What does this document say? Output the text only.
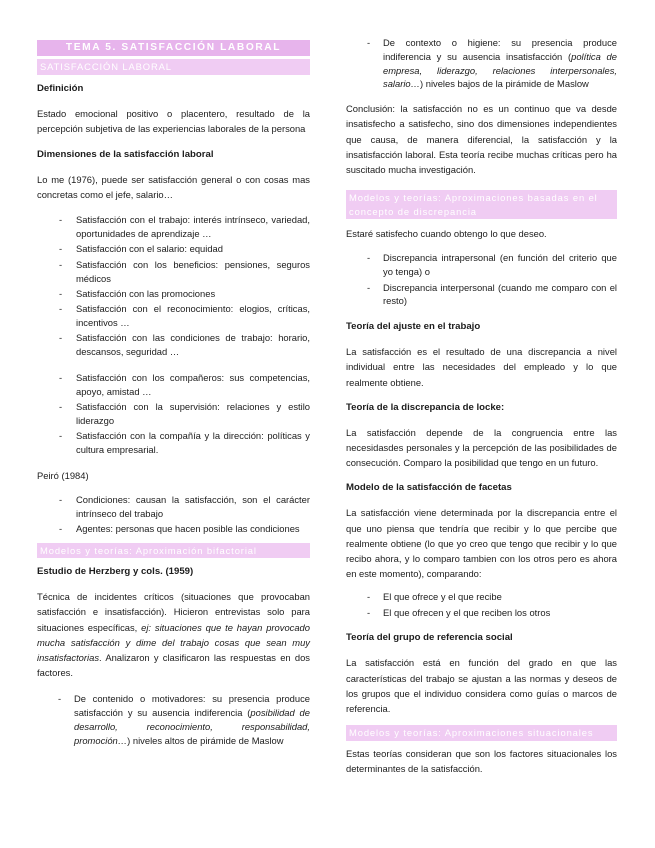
TEMA 5. SATISFACCIÓN LABORAL
SATISFACCIÓN LABORAL
Definición

Estado emocional positivo o placentero, resultado de la percepción subjetiva de las experiencias laborales de la persona

Dimensiones de la satisfacción laboral

Lo me (1976), puede ser satisfacción general o con cosas mas concretas como el jefe, salario…

- Satisfacción con el trabajo: interés intrínseco, variedad, oportunidades de aprendizaje …
- Satisfacción con el salario: equidad
- Satisfacción con los beneficios: pensiones, seguros médicos
- Satisfacción con las promociones
- Satisfacción con el reconocimiento: elogios, críticas, incentivos …
- Satisfacción con las condiciones de trabajo: horario, descansos, seguridad …
- Satisfacción con los compañeros: sus competencias, apoyo, amistad …
- Satisfacción con la supervisión: relaciones y estilo liderazgo
- Satisfacción con la compañía y la dirección: políticas y cultura empresarial.

Peiró (1984)

- Condiciones: causan la satisfacción, son el carácter intrínseco del trabajo
- Agentes: personas que hacen posible las condiciones
Modelos y teorías: Aproximación bifactorial
Estudio de Herzberg y cols. (1959)

Técnica de incidentes críticos (situaciones que provocaban satisfacción e insatisfacción). Hicieron entrevistas solo para situaciones específicas, ej: situaciones que te hayan provocado mucha satisfacción y dime del trabajo cosas que sean muy insatisfactorias. Analizaron y clasificaron las respuestas en dos factores.

- De contenido o motivadores: su presencia produce satisfacción y su ausencia indiferencia (posibilidad de desarrollo, reconocimiento, responsabilidad, promoción…) niveles altos de pirámide de Maslow
- De contexto o higiene: su presencia produce indiferencia y su ausencia insatisfacción (política de empresa, liderazgo, relaciones interpersonales, salario…) niveles bajos de la pirámide de Maslow

Conclusión: la satisfacción no es un continuo que va desde insatisfecho a satisfecho, sino dos dimensiones independientes que causa, de manera diferencial, la satisfacción y la insatisfacción laboral. Esta teoría recibe muchas críticas pero ha suscitado mucha investigación.

Modelos y teorías: Aproximaciones basadas en el concepto de discrepancia

Estaré satisfecho cuando obtengo lo que deseo.

- Discrepancia intrapersonal (en función del criterio que yo tenga) o
- Discrepancia interpersonal (cuando me comparo con el resto)
Teoría del ajuste en el trabajo

La satisfacción es el resultado de una discrepancia a nivel individual entre las necesidades del empleado y lo que realmente obtiene.

Teoría de la discrepancia de locke:

La satisfacción depende de la congruencia entre las necesidasdes personales y la percepción de las posibilidades de consecución. Comparo la posibilidad que tengo en un futuro.

Modelo de la satisfacción de facetas

La satisfacción viene determinada por la discrepancia entre el que uno piensa que tendría que recibir y lo que percibe que realmente obtiene (lo que yo creo que tengo que recibir y lo que recibo ahora, y lo comparo tambien con los otros pero es ahora en este momento), comparando:

- El que ofrece y el que recibe
- El que ofrecen y el que reciben los otros
Teoría del grupo de referencia social

La satisfacción está en función del grado en que las características del trabajo se ajustan a las normas y deseos de los grupos que el individuo considera como guías o marcos de referencia.

Modelos y teorías: Aproximaciones situacionales

Estas teorías consideran que son los factores situacionales los determinantes de la satisfacción.
